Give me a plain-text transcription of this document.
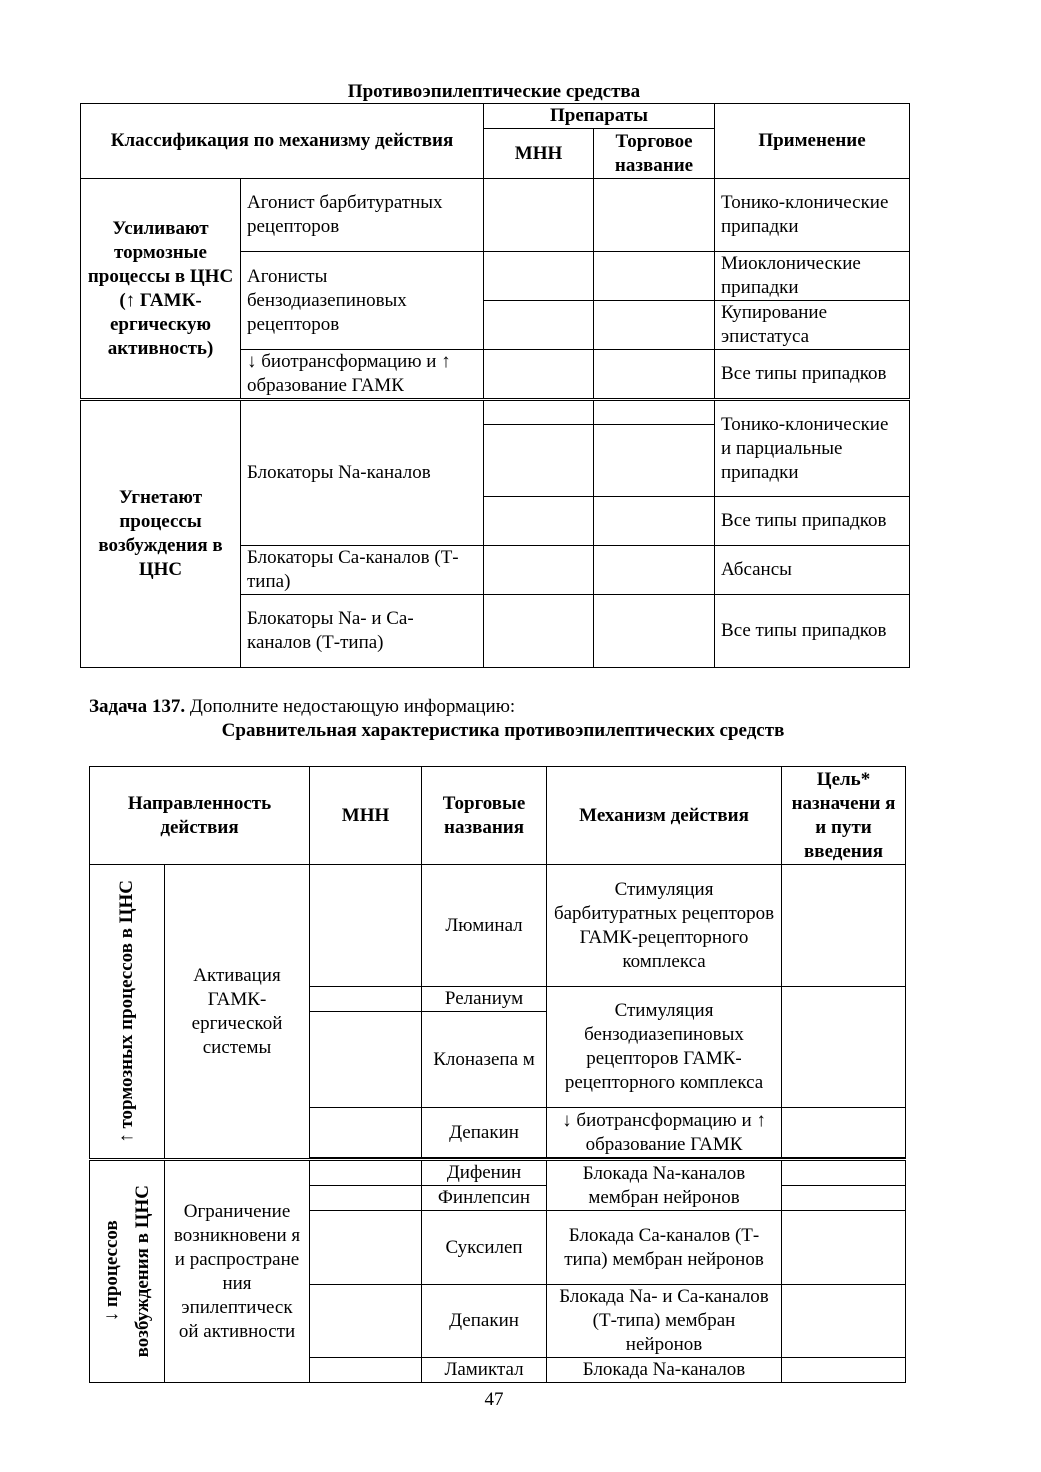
Противоэпилептические средства
Классификация по механизму действия		Препараты		Применение
		МНН	Торговое название	
Усиливают тормозные процессы в ЦНС (↑ ГАМК-ергическую активность)	Агонист барбитуратных рецепторов			Тонико-клонические припадки
	Агонисты бензодиазепиновых рецепторов			Миоклонические припадки
				Купирование эпистатуса
	↓ биотрансформацию и ↑ образование ГАМК			Все типы припадков
Угнетают процессы возбуждения в ЦНС	Блокаторы Na-каналов			Тонико-клонические и парциальные припадки

				Все типы припадков
	Блокаторы Ca-каналов (Т-типа)			Абсансы
	Блокаторы Na- и Ca-каналов (Т-типа)			Все типы припадков
Задача 137. Дополните недостающую информацию:
Сравнительная характеристика противоэпилептических средств
Направленность действия		МНН	Торговые названия	Механизм действия	Цель* назначени я и пути введения

↑ тормозных процессов в ЦНС	Активация ГАМК-ергической системы		Люминал	Стимуляция барбитуратных рецепторов ГАМК-рецепторного комплекса	
			Реланиум	Стимуляция бензодиазепиновых рецепторов ГАМК-рецепторного комплекса	
			Клоназепа м		
			Депакин	↓ биотрансформацию и ↑ образование ГАМК	

↓ процессов возбуждения в ЦНС	Ограничение возникновени я и распростране ния эпилептическ ой активности		Дифенин	Блокада Na-каналов мембран нейронов	
			Финлепсин		
			Суксилеп	Блокада Ca-каналов (Т-типа) мембран нейронов	
			Депакин	Блокада Na- и Ca-каналов (Т-типа) мембран нейронов	
			Ламиктал	Блокада Na-каналов	
47
